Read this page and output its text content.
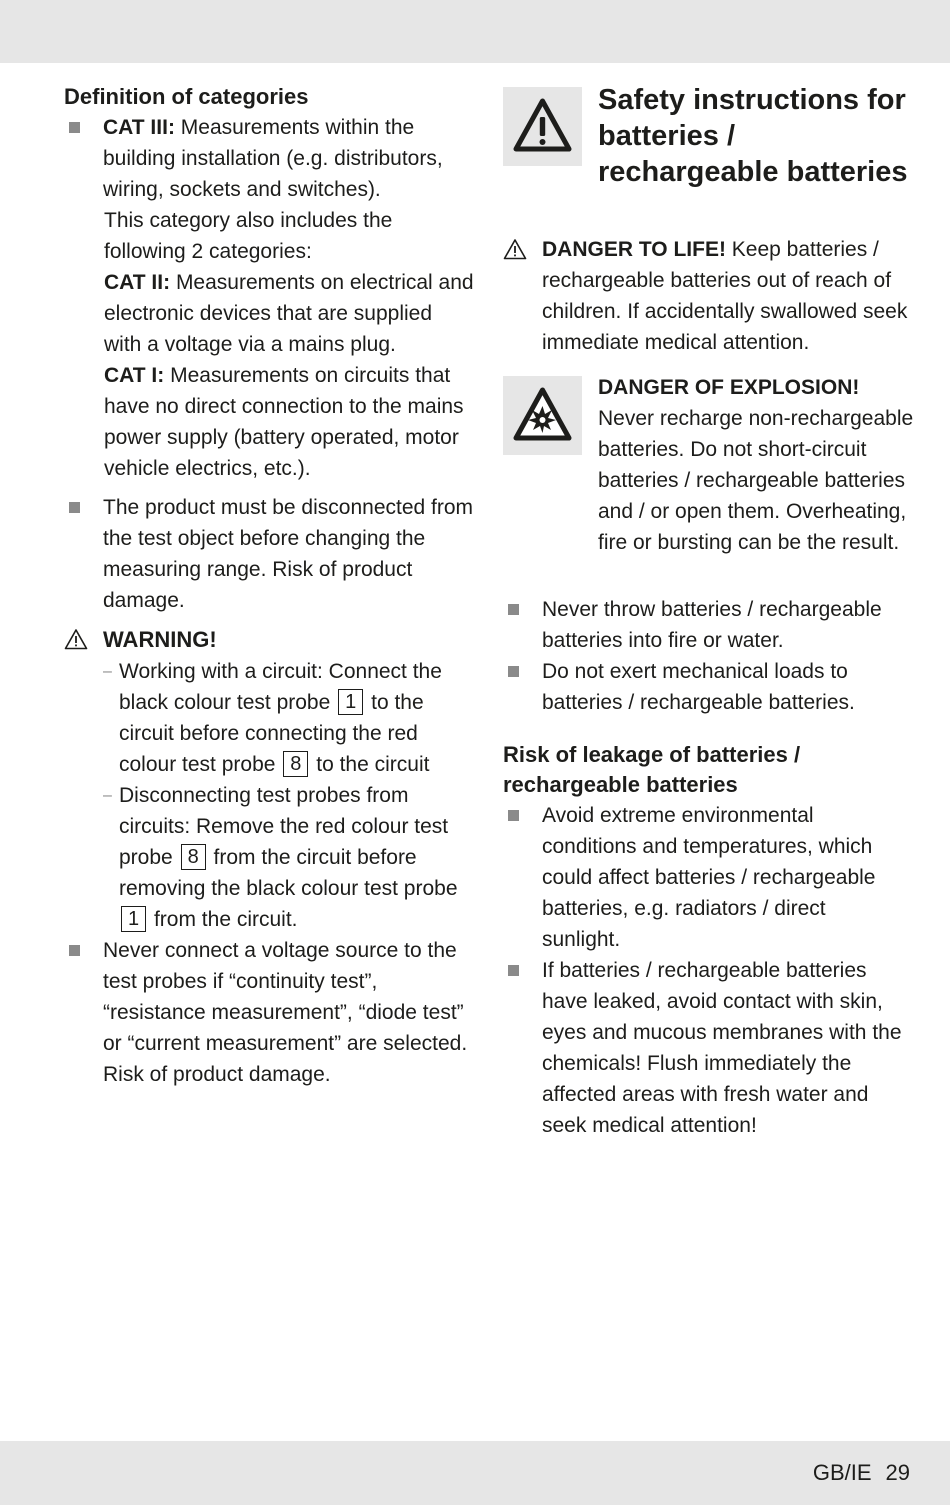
Definition of categories

CAT III: Measurements within the building installation (e.g. distributors, wiring, sockets and switches).
This category also includes the following 2 categories:
CAT II: Measurements on electrical and electronic devices that are supplied with a voltage via a mains plug.
CAT I: Measurements on circuits that have no direct connection to the mains power supply (battery operated, motor vehicle electrics, etc.).
The product must be disconnected from the test object before changing the measuring range. Risk of product damage.
WARNING!
– Working with a circuit: Connect the black colour test probe 1 to the circuit before connecting the red colour test probe 8 to the circuit
– Disconnecting test probes from circuits: Remove the red colour test probe 8 from the circuit before removing the black colour test probe 1 from the circuit.
Never connect a voltage source to the test probes if “continuity test”, “resistance measurement”, “diode test” or “current measurement” are selected. Risk of product damage.

Safety instructions for batteries / rechargeable batteries

DANGER TO LIFE! Keep batteries / rechargeable batteries out of reach of children. If accidentally swallowed seek immediate medical attention.
DANGER OF EXPLOSION!
Never recharge non-rechargeable batteries. Do not short-circuit batteries / rechargeable batteries and / or open them. Overheating, fire or bursting can be the result.
Never throw batteries / rechargeable batteries into fire or water.
Do not exert mechanical loads to batteries / rechargeable batteries.

Risk of leakage of batteries / rechargeable batteries

Avoid extreme environmental conditions and temperatures, which could affect batteries / rechargeable batteries, e.g. radiators / direct sunlight.
If batteries / rechargeable batteries have leaked, avoid contact with skin, eyes and mucous membranes with the chemicals! Flush immediately the affected areas with fresh water and seek medical attention!
GB/IE 29
